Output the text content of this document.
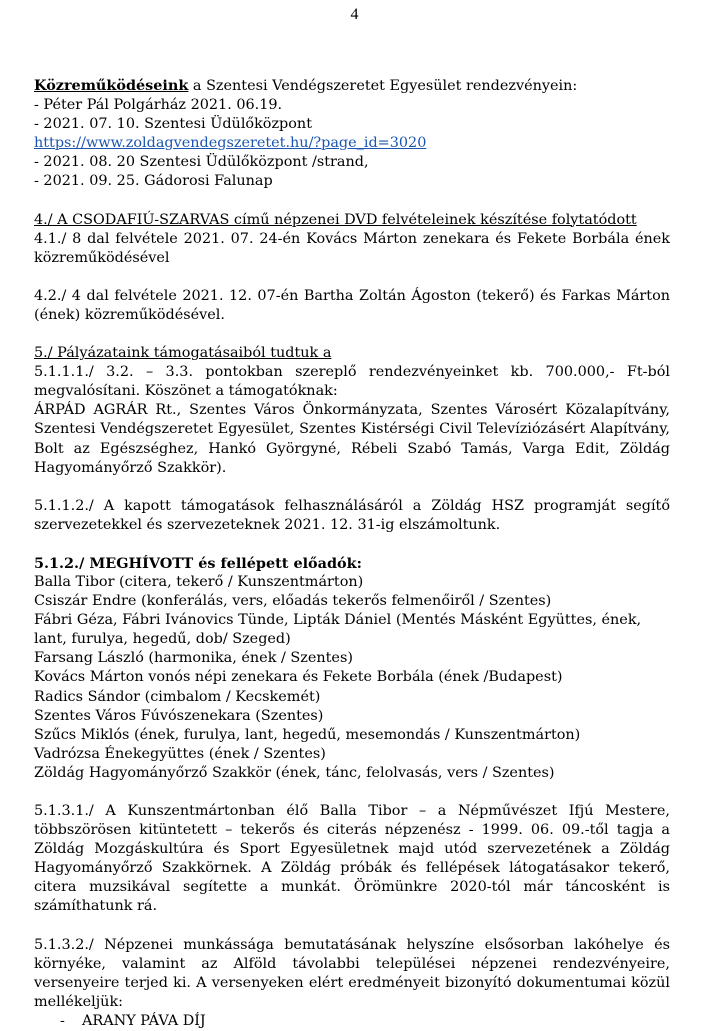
4

Közreműködéseink a Szentesi Vendégszeretet Egyesület rendezvényein:

- Péter Pál Polgárház 2021. 06.19.

- 2021. 07. 10. Szentesi Üdülőközpont

https://www.zoldagvendegszeretet.hu/?page_id=3020

- 2021. 08. 20 Szentesi Üdülőközpont /strand,

- 2021. 09. 25. Gádorosi Falunap

4./ A CSODAFIÚ-SZARVAS című népzenei DVD felvételeinek készítése folytatódott

4.1./ 8 dal felvétele 2021. 07. 24-én Kovács Márton zenekara és Fekete Borbála ének közreműködésével

4.2./ 4 dal felvétele 2021. 12. 07-én Bartha Zoltán Ágoston (tekerő) és Farkas Márton (ének) közreműködésével.

5./ Pályázataink támogatásaiból tudtuk a

5.1.1.1./ 3.2. – 3.3. pontokban szereplő rendezvényeinket kb. 700.000,- Ft-ból megvalósítani. Köszönet a támogatóknak:

ÁRPÁD AGRÁR Rt., Szentes Város Önkormányzata, Szentes Városért Közalapítvány, Szentesi Vendégszeretet Egyesület, Szentes Kistérségi Civil Televíziózásért Alapítvány, Bolt az Egészséghez, Hankó Györgyné, Rébeli Szabó Tamás, Varga Edit, Zöldág Hagyományőrző Szakkör).

5.1.1.2./ A kapott támogatások felhasználásáról a Zöldág HSZ programját segítő szervezetekkel és szervezeteknek 2021. 12. 31-ig elszámoltunk.

5.1.2./ MEGHÍVOTT és fellépett előadók:

Balla Tibor (citera, tekerő / Kunszentmárton)

Csiszár Endre (konferálás, vers, előadás tekerős felmenőiről / Szentes)

Fábri Géza, Fábri Ivánovics Tünde, Lipták Dániel (Mentés Másként Együttes, ének, lant, furulya, hegedű, dob/ Szeged)

Farsang László (harmonika, ének / Szentes)

Kovács Márton vonós népi zenekara és Fekete Borbála (ének /Budapest)

Radics Sándor (cimbalom / Kecskemét)

Szentes Város Fúvószenekara (Szentes)

Szűcs Miklós (ének, furulya, lant, hegedű, mesemondás / Kunszentmárton)

Vadrózsa Énekegyüttes (ének / Szentes)

Zöldág Hagyományőrző Szakkör (ének, tánc, felolvasás, vers / Szentes)

5.1.3.1./ A Kunszentmártonban élő Balla Tibor – a Népművészet Ifjú Mestere, többszörösen kitüntetett – tekerős és citerás népzenész - 1999. 06. 09.-től tagja a Zöldág Mozgáskultúra és Sport Egyesületnek majd utód szervezetének a Zöldág Hagyományőrző Szakkörnek. A Zöldág próbák és fellépések látogatásakor tekerő, citera muzsikával segítette a munkát. Örömünkre 2020-tól már táncosként is számíthatunk rá.

5.1.3.2./ Népzenei munkássága bemutatásának helyszíne elsősorban lakóhelye és környéke, valamint az Alföld távolabbi települései népzenei rendezvényeire, versenyeire terjed ki. A versenyeken elért eredményeit bizonyító dokumentumai közül mellékeljük:

- ARANY PÁVA DÍJ
